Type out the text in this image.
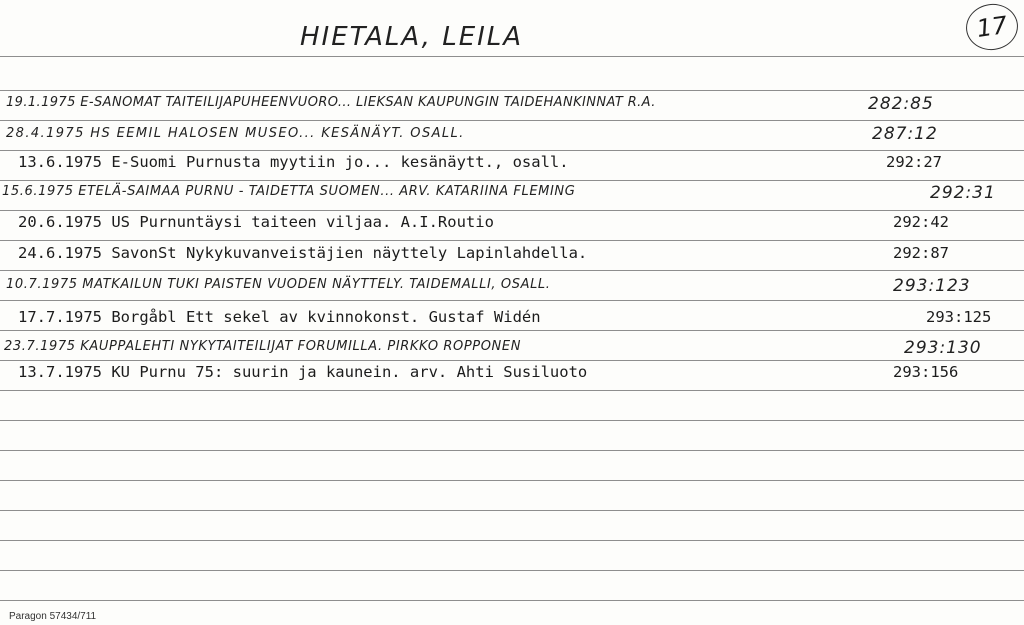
HIETALA, LEILA	17
19.1.1975 E-SANOMAT TAITEILIJAPUHEENVUORO... LIEKSAN KAUPUNGIN TAIDEHANKINNAT R.A.	282:85
28.4.1975 HS EEMIL HALOSEN MUSEO... KESÄNÄYT. OSALL.	287:12
13.6.1975 E-Suomi Purnusta myytiin jo... kesänäytt., osall.	292:27
15.6.1975 ETELÄ-SAIMAA PURNU - TAIDETTA SUOMEN... ARV. KATARIINA FLEMING	292:31
20.6.1975 US Purnuntäysi taiteen viljaa. A.I.Routio	292:42
24.6.1975 SavonSt Nykykuvanveistäjien näyttely Lapinlahdella.	292:87
10.7.1975 MATKAILUN TUKI PAISTEN VUODEN NÄYTTELY. TAIDEMALLI, OSALL.	293:123
17.7.1975 Borgåbl Ett sekel av kvinnokonst. Gustaf Widén	293:125
23.7.1975 KAUPPALEHTI NYKYTAITEILIJAT FORUMILLA. PIRKKO ROPPONEN	293:130
13.7.1975 KU Purnu 75: suurin ja kaunein. arv. Ahti Susiluoto	293:156
Paragon 57434/711
